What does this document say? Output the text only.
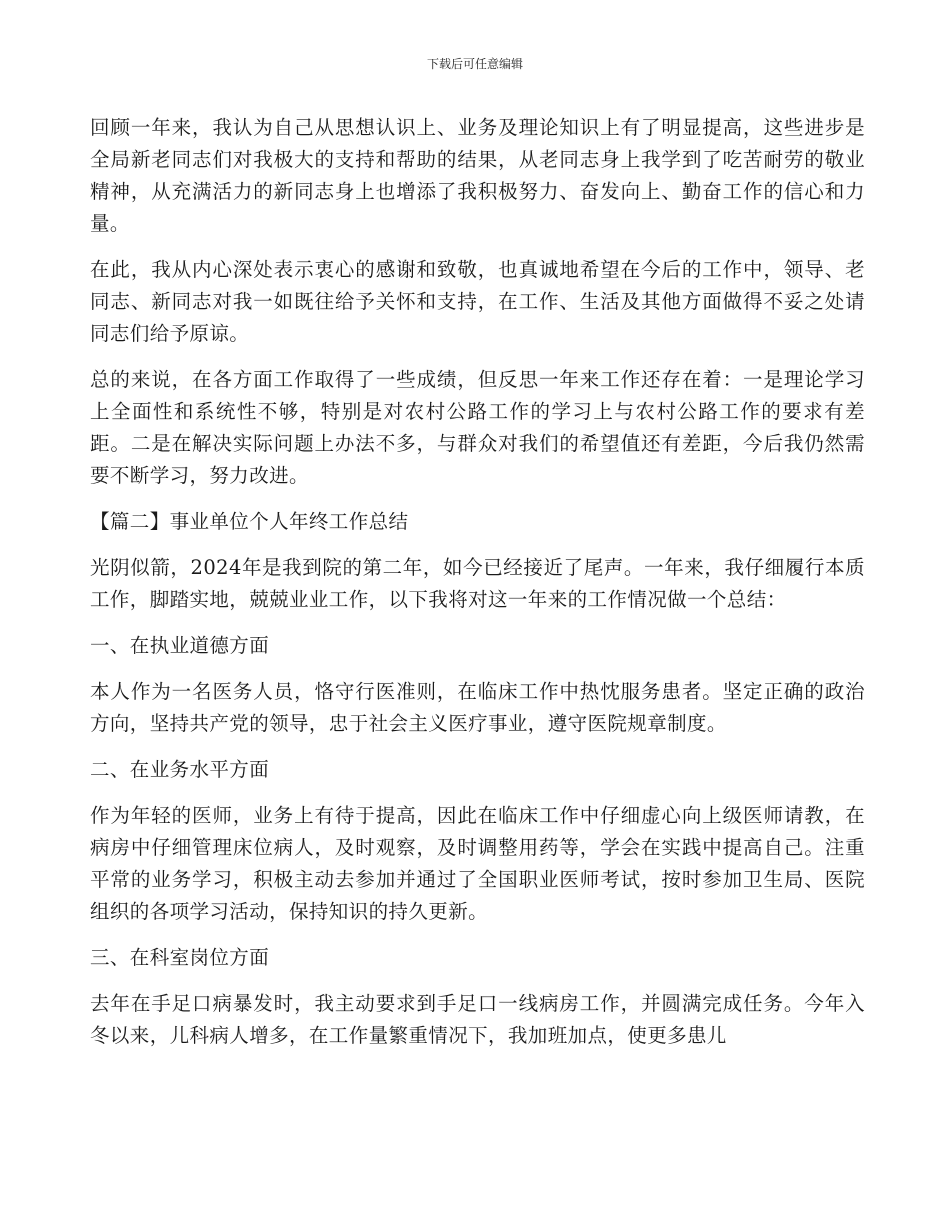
下载后可任意编辑

回顾一年来，我认为自己从思想认识上、业务及理论知识上有了明显提高，这些进步是全局新老同志们对我极大的支持和帮助的结果，从老同志身上我学到了吃苦耐劳的敬业精神，从充满活力的新同志身上也增添了我积极努力、奋发向上、勤奋工作的信心和力量。

在此，我从内心深处表示衷心的感谢和致敬，也真诚地希望在今后的工作中，领导、老同志、新同志对我一如既往给予关怀和支持，在工作、生活及其他方面做得不妥之处请同志们给予原谅。

总的来说，在各方面工作取得了一些成绩，但反思一年来工作还存在着：一是理论学习上全面性和系统性不够，特别是对农村公路工作的学习上与农村公路工作的要求有差距。二是在解决实际问题上办法不多，与群众对我们的希望值还有差距，今后我仍然需要不断学习，努力改进。

【篇二】事业单位个人年终工作总结

光阴似箭，2024年是我到院的第二年，如今已经接近了尾声。一年来，我仔细履行本质工作，脚踏实地，兢兢业业工作，以下我将对这一年来的工作情况做一个总结：

一、在执业道德方面

本人作为一名医务人员，恪守行医准则，在临床工作中热忱服务患者。坚定正确的政治方向，坚持共产党的领导，忠于社会主义医疗事业，遵守医院规章制度。

二、在业务水平方面

作为年轻的医师，业务上有待于提高，因此在临床工作中仔细虚心向上级医师请教，在病房中仔细管理床位病人，及时观察，及时调整用药等，学会在实践中提高自己。注重平常的业务学习，积极主动去参加并通过了全国职业医师考试，按时参加卫生局、医院组织的各项学习活动，保持知识的持久更新。

三、在科室岗位方面

去年在手足口病暴发时，我主动要求到手足口一线病房工作，并圆满完成任务。今年入冬以来，儿科病人增多，在工作量繁重情况下，我加班加点，使更多患儿
